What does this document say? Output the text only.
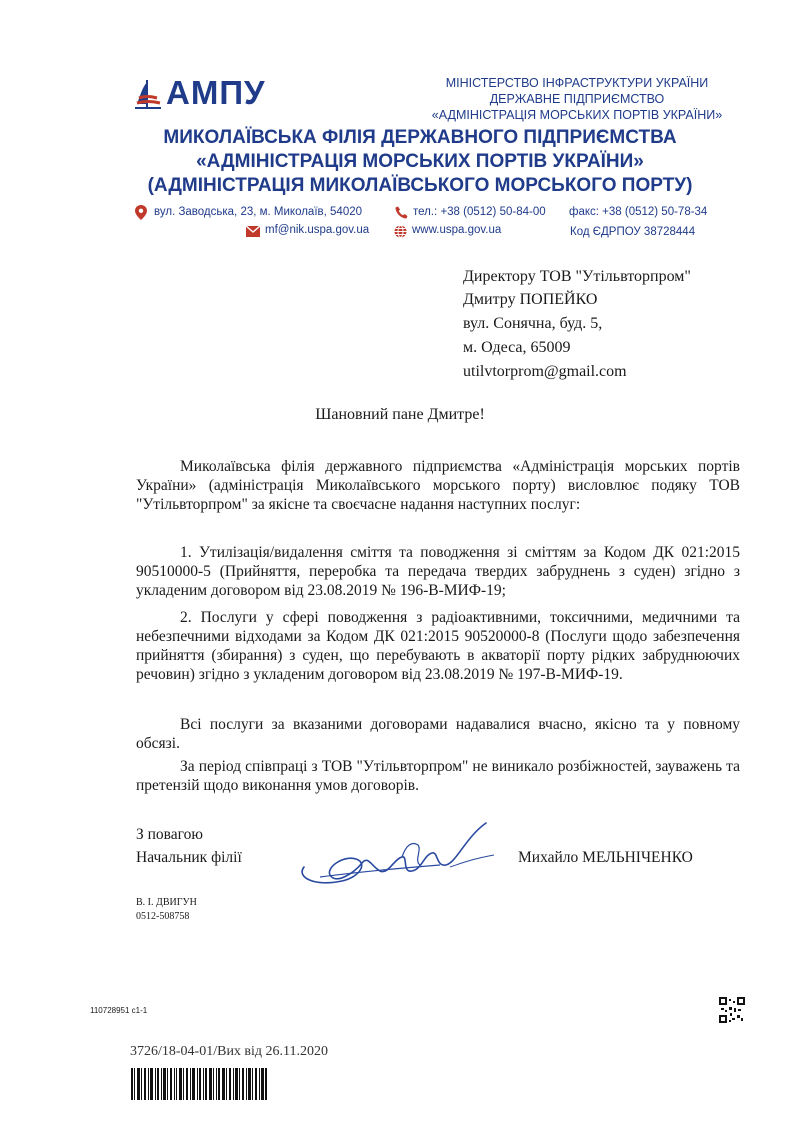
АМПУ	МІНІСТЕРСТВО ІНФРАСТРУКТУРИ УКРАЇНИ
ДЕРЖАВНЕ ПІДПРИЄМСТВО
«АДМІНІСТРАЦІЯ МОРСЬКИХ ПОРТІВ УКРАЇНИ»
МИКОЛАЇВСЬКА ФІЛІЯ ДЕРЖАВНОГО ПІДПРИЄМСТВА
«АДМІНІСТРАЦІЯ МОРСЬКИХ ПОРТІВ УКРАЇНИ»
(АДМІНІСТРАЦІЯ МИКОЛАЇВСЬКОГО МОРСЬКОГО ПОРТУ)
вул. Заводська, 23, м. Миколаїв, 54020	тел.: +38 (0512) 50-84-00 факс: +38 (0512) 50-78-34
mf@nik.uspa.gov.ua	www.uspa.gov.ua	Код ЄДРПОУ 38728444
Директору ТОВ "Утільвторпром"
Дмитру ПОПЕЙКО
вул. Сонячна, буд. 5,
м. Одеса, 65009
utilvtorprom@gmail.com
Шановний пане Дмитре!
Миколаївська філія державного підприємства «Адміністрація морських портів України» (адміністрація Миколаївського морського порту) висловлює подяку ТОВ "Утільвторпром" за якісне та своєчасне надання наступних послуг:
1. Утилізація/видалення сміття та поводження зі сміттям за Кодом ДК 021:2015 90510000-5 (Прийняття, переробка та передача твердих забруднень з суден) згідно з укладеним договором від 23.08.2019 № 196-В-МИФ-19;
2. Послуги у сфері поводження з радіоактивними, токсичними, медичними та небезпечними відходами за Кодом ДК 021:2015 90520000-8 (Послуги щодо забезпечення прийняття (збирання) з суден, що перебувають в акваторії порту рідких забруднюючих речовин) згідно з укладеним договором від 23.08.2019 № 197-В-МИФ-19.
Всі послуги за вказаними договорами надавалися вчасно, якісно та у повному обсязі.
За період співпраці з ТОВ "Утільвторпром" не виникало розбіжностей, зауважень та претензій щодо виконання умов договорів.
З повагою
Начальник філії	Михайло МЕЛЬНІЧЕНКО
В. І. ДВИГУН
0512-508758
110728951 с1-1
3726/18-04-01/Вих від 26.11.2020
